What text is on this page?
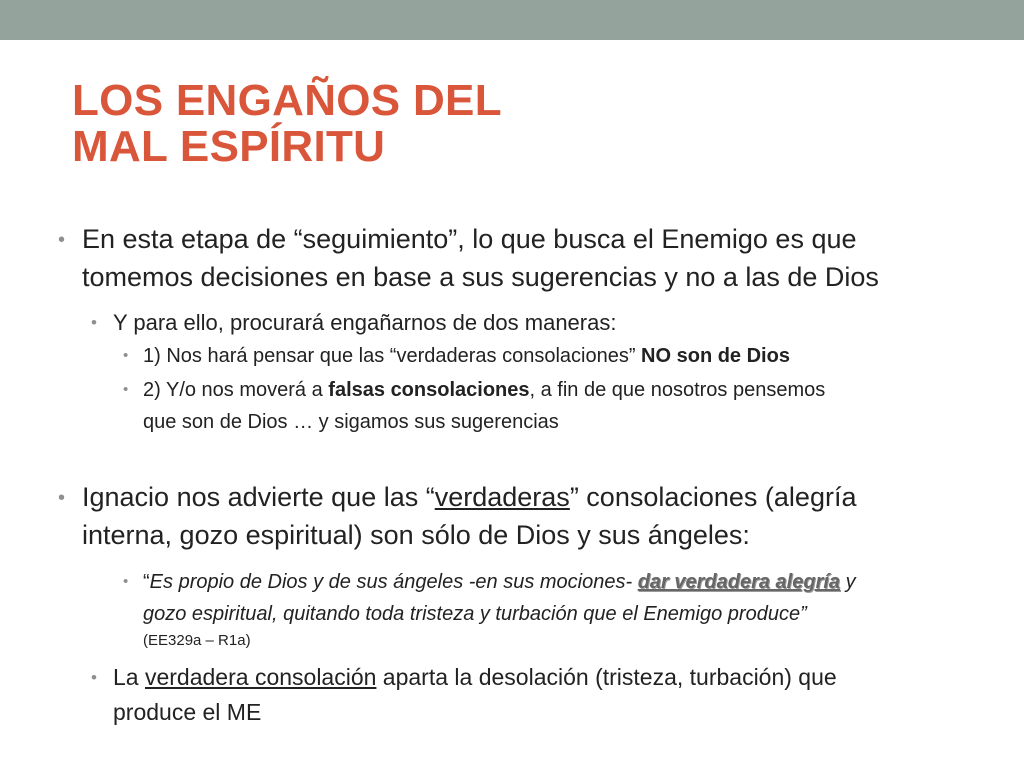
LOS ENGAÑOS DEL
MAL ESPÍRITU
• En esta etapa de “seguimiento”, lo que busca el Enemigo es que
tomemos decisiones en base a sus sugerencias y no a las de Dios
• Y para ello, procurará engañarnos de dos maneras:
• 1) Nos hará pensar que las “verdaderas consolaciones” NO son de Dios
• 2) Y/o nos moverá a falsas consolaciones, a fin de que nosotros pensemos
que son de Dios … y sigamos sus sugerencias
• Ignacio nos advierte que las “verdaderas” consolaciones (alegría
interna, gozo espiritual) son sólo de Dios y sus ángeles:
• “Es propio de Dios y de sus ángeles -en sus mociones- dar verdadera alegría y
gozo espiritual, quitando toda tristeza y turbación que el Enemigo produce”
(EE329a – R1a)
• La verdadera consolación aparta la desolación (tristeza, turbación) que
produce el ME
